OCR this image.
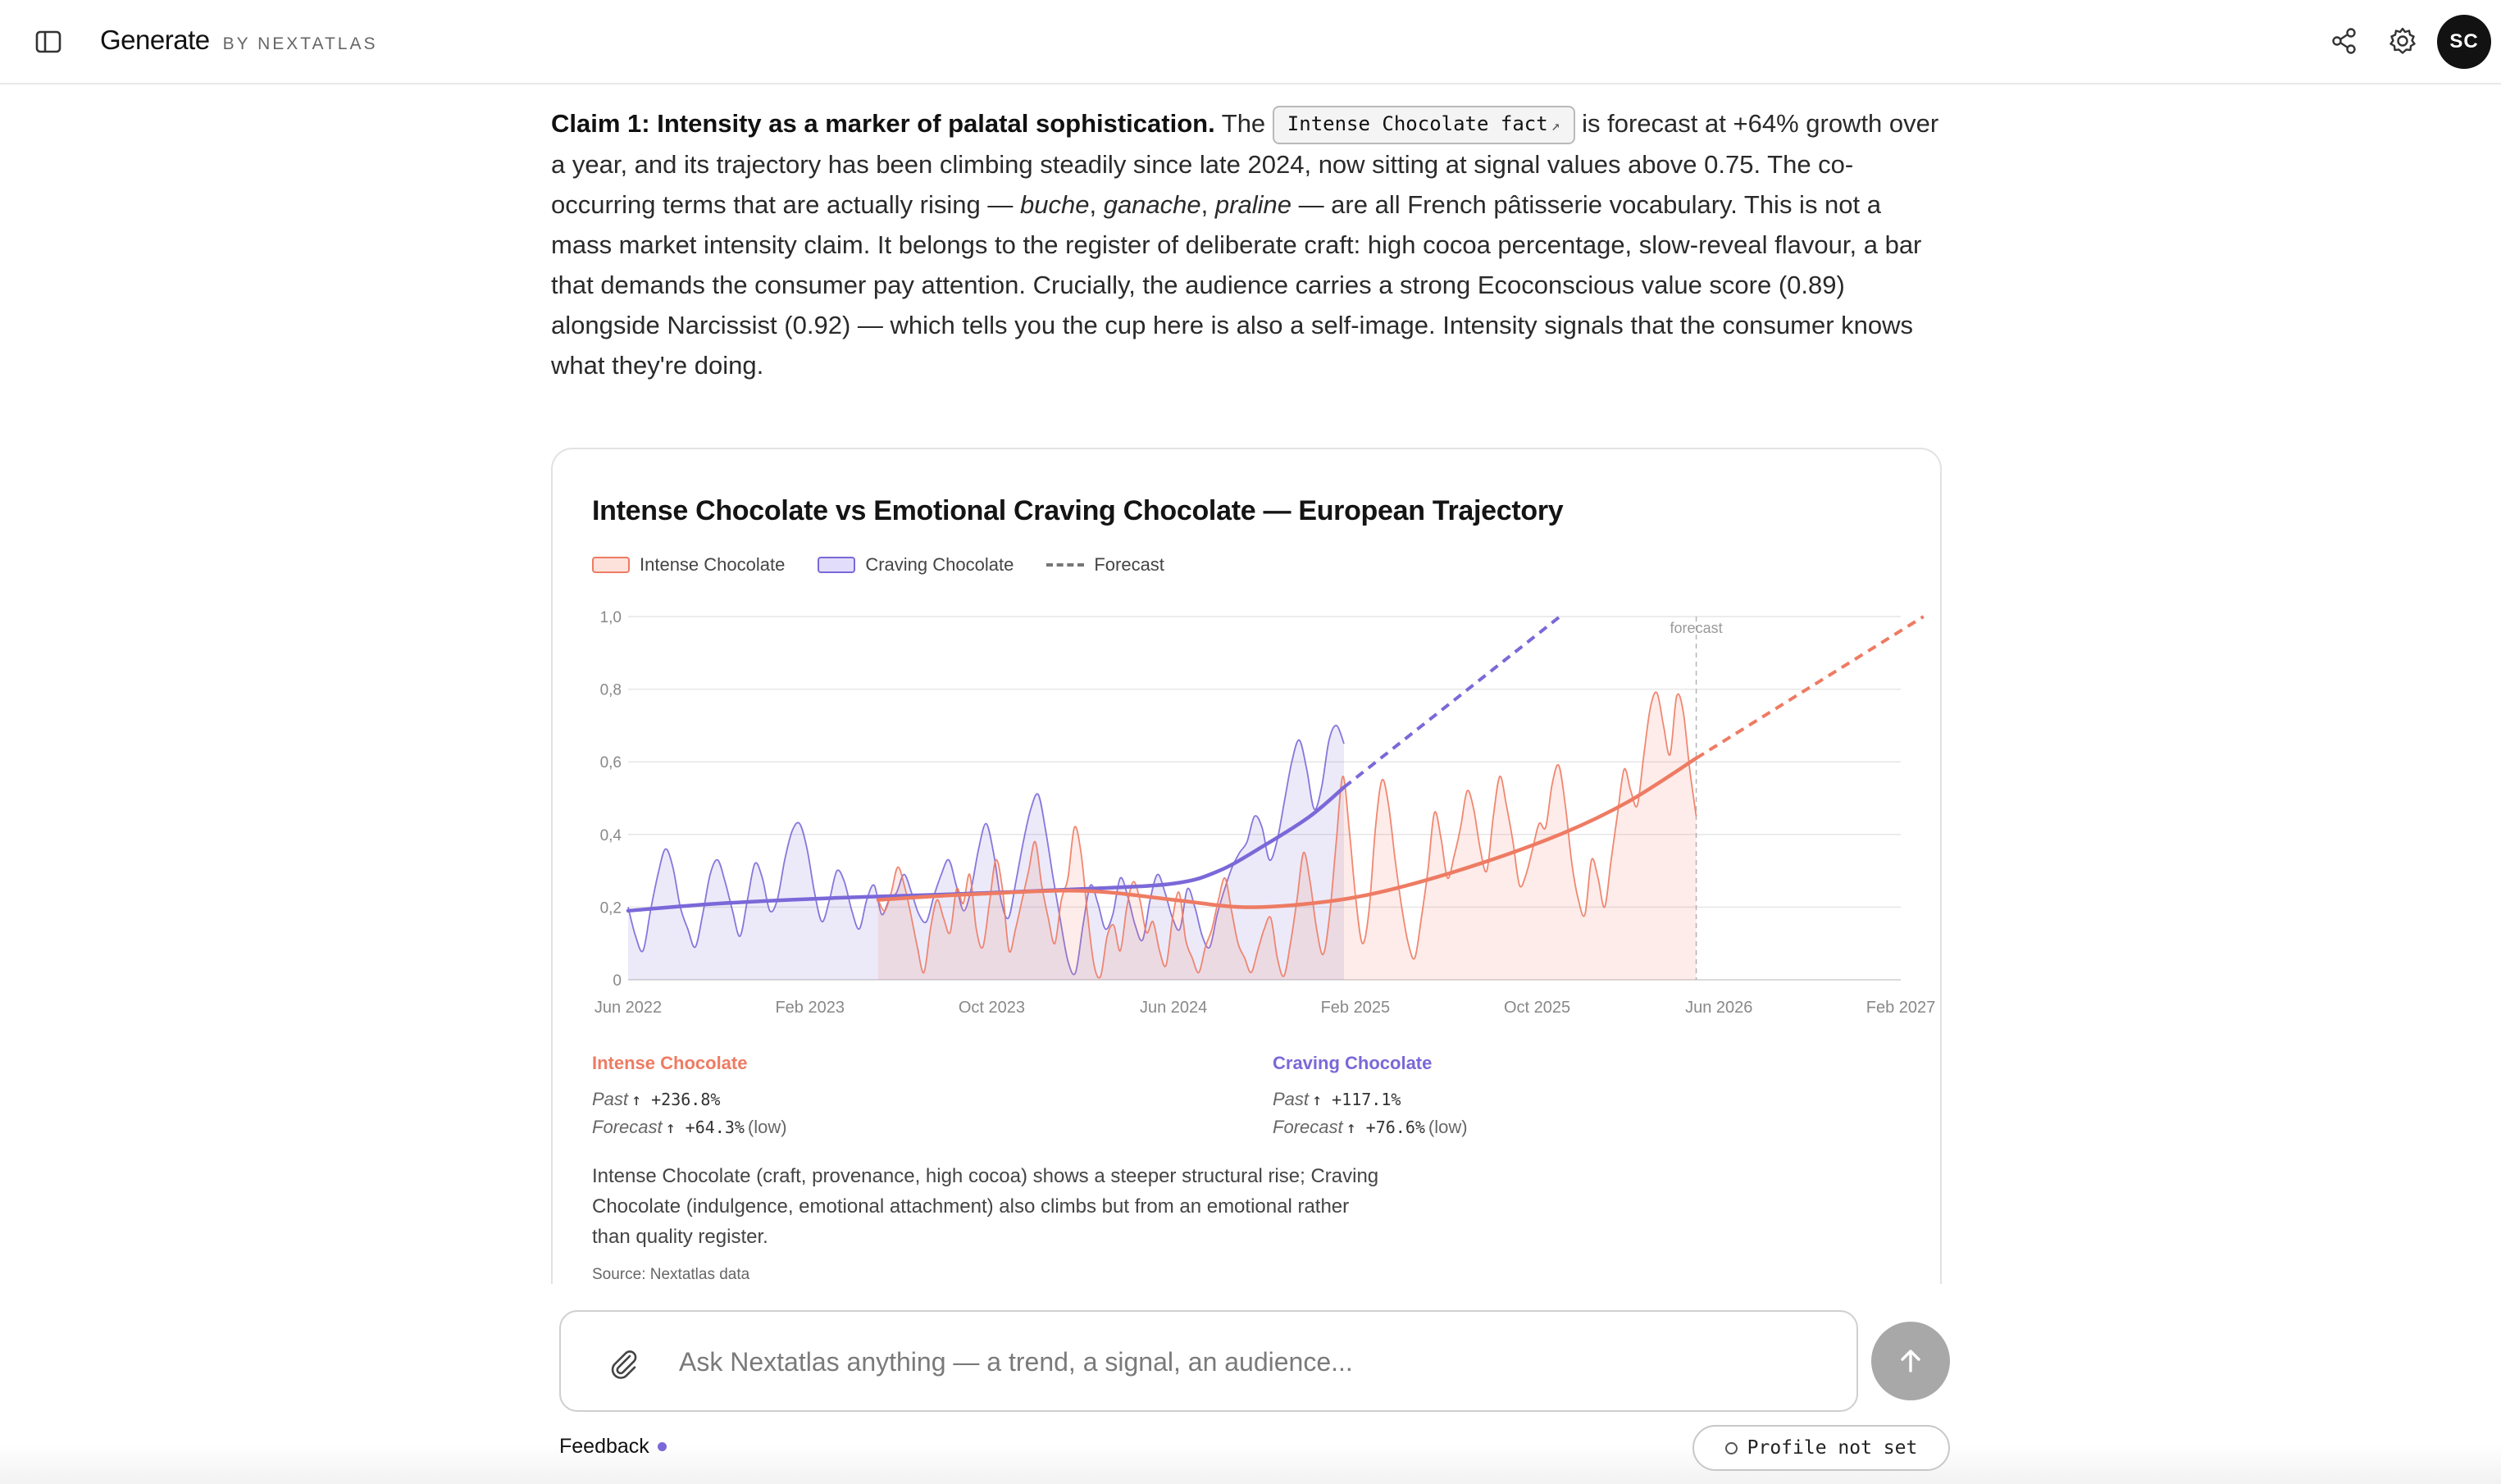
Generate BY NEXTATLAS	SC
Claim 1: Intensity as a marker of palatal sophistication. The Intense Chocolate fact ↗ is forecast at +64% growth over a year, and its trajectory has been climbing steadily since late 2024, now sitting at signal values above 0.75. The co-occurring terms that are actually rising — buche, ganache, praline — are all French pâtisserie vocabulary. This is not a mass market intensity claim. It belongs to the register of deliberate craft: high cocoa percentage, slow-reveal flavour, a bar that demands the consumer pay attention. Crucially, the audience carries a strong Ecoconscious value score (0.89) alongside Narcissist (0.92) — which tells you the cup here is also a self-image. Intensity signals that the consumer knows what they're doing.
Intense Chocolate vs Emotional Craving Chocolate — European Trajectory
Intense Chocolate	Craving Chocolate	Forecast
0
0,2
0,4
0,6
0,8
1,0
Jun 2022	Feb 2023	Oct 2023	Jun 2024	Feb 2025	Oct 2025	Jun 2026	Feb 2027
forecast
Intense Chocolate
Past ↑ +236.8%
Forecast ↑ +64.3% (low)
Craving Chocolate
Past ↑ +117.1%
Forecast ↑ +76.6% (low)
Intense Chocolate (craft, provenance, high cocoa) shows a steeper structural rise; Craving Chocolate (indulgence, emotional attachment) also climbs but from an emotional rather than quality register.
Source: Nextatlas data
Ask Nextatlas anything — a trend, a signal, an audience...
Feedback	Profile not set
